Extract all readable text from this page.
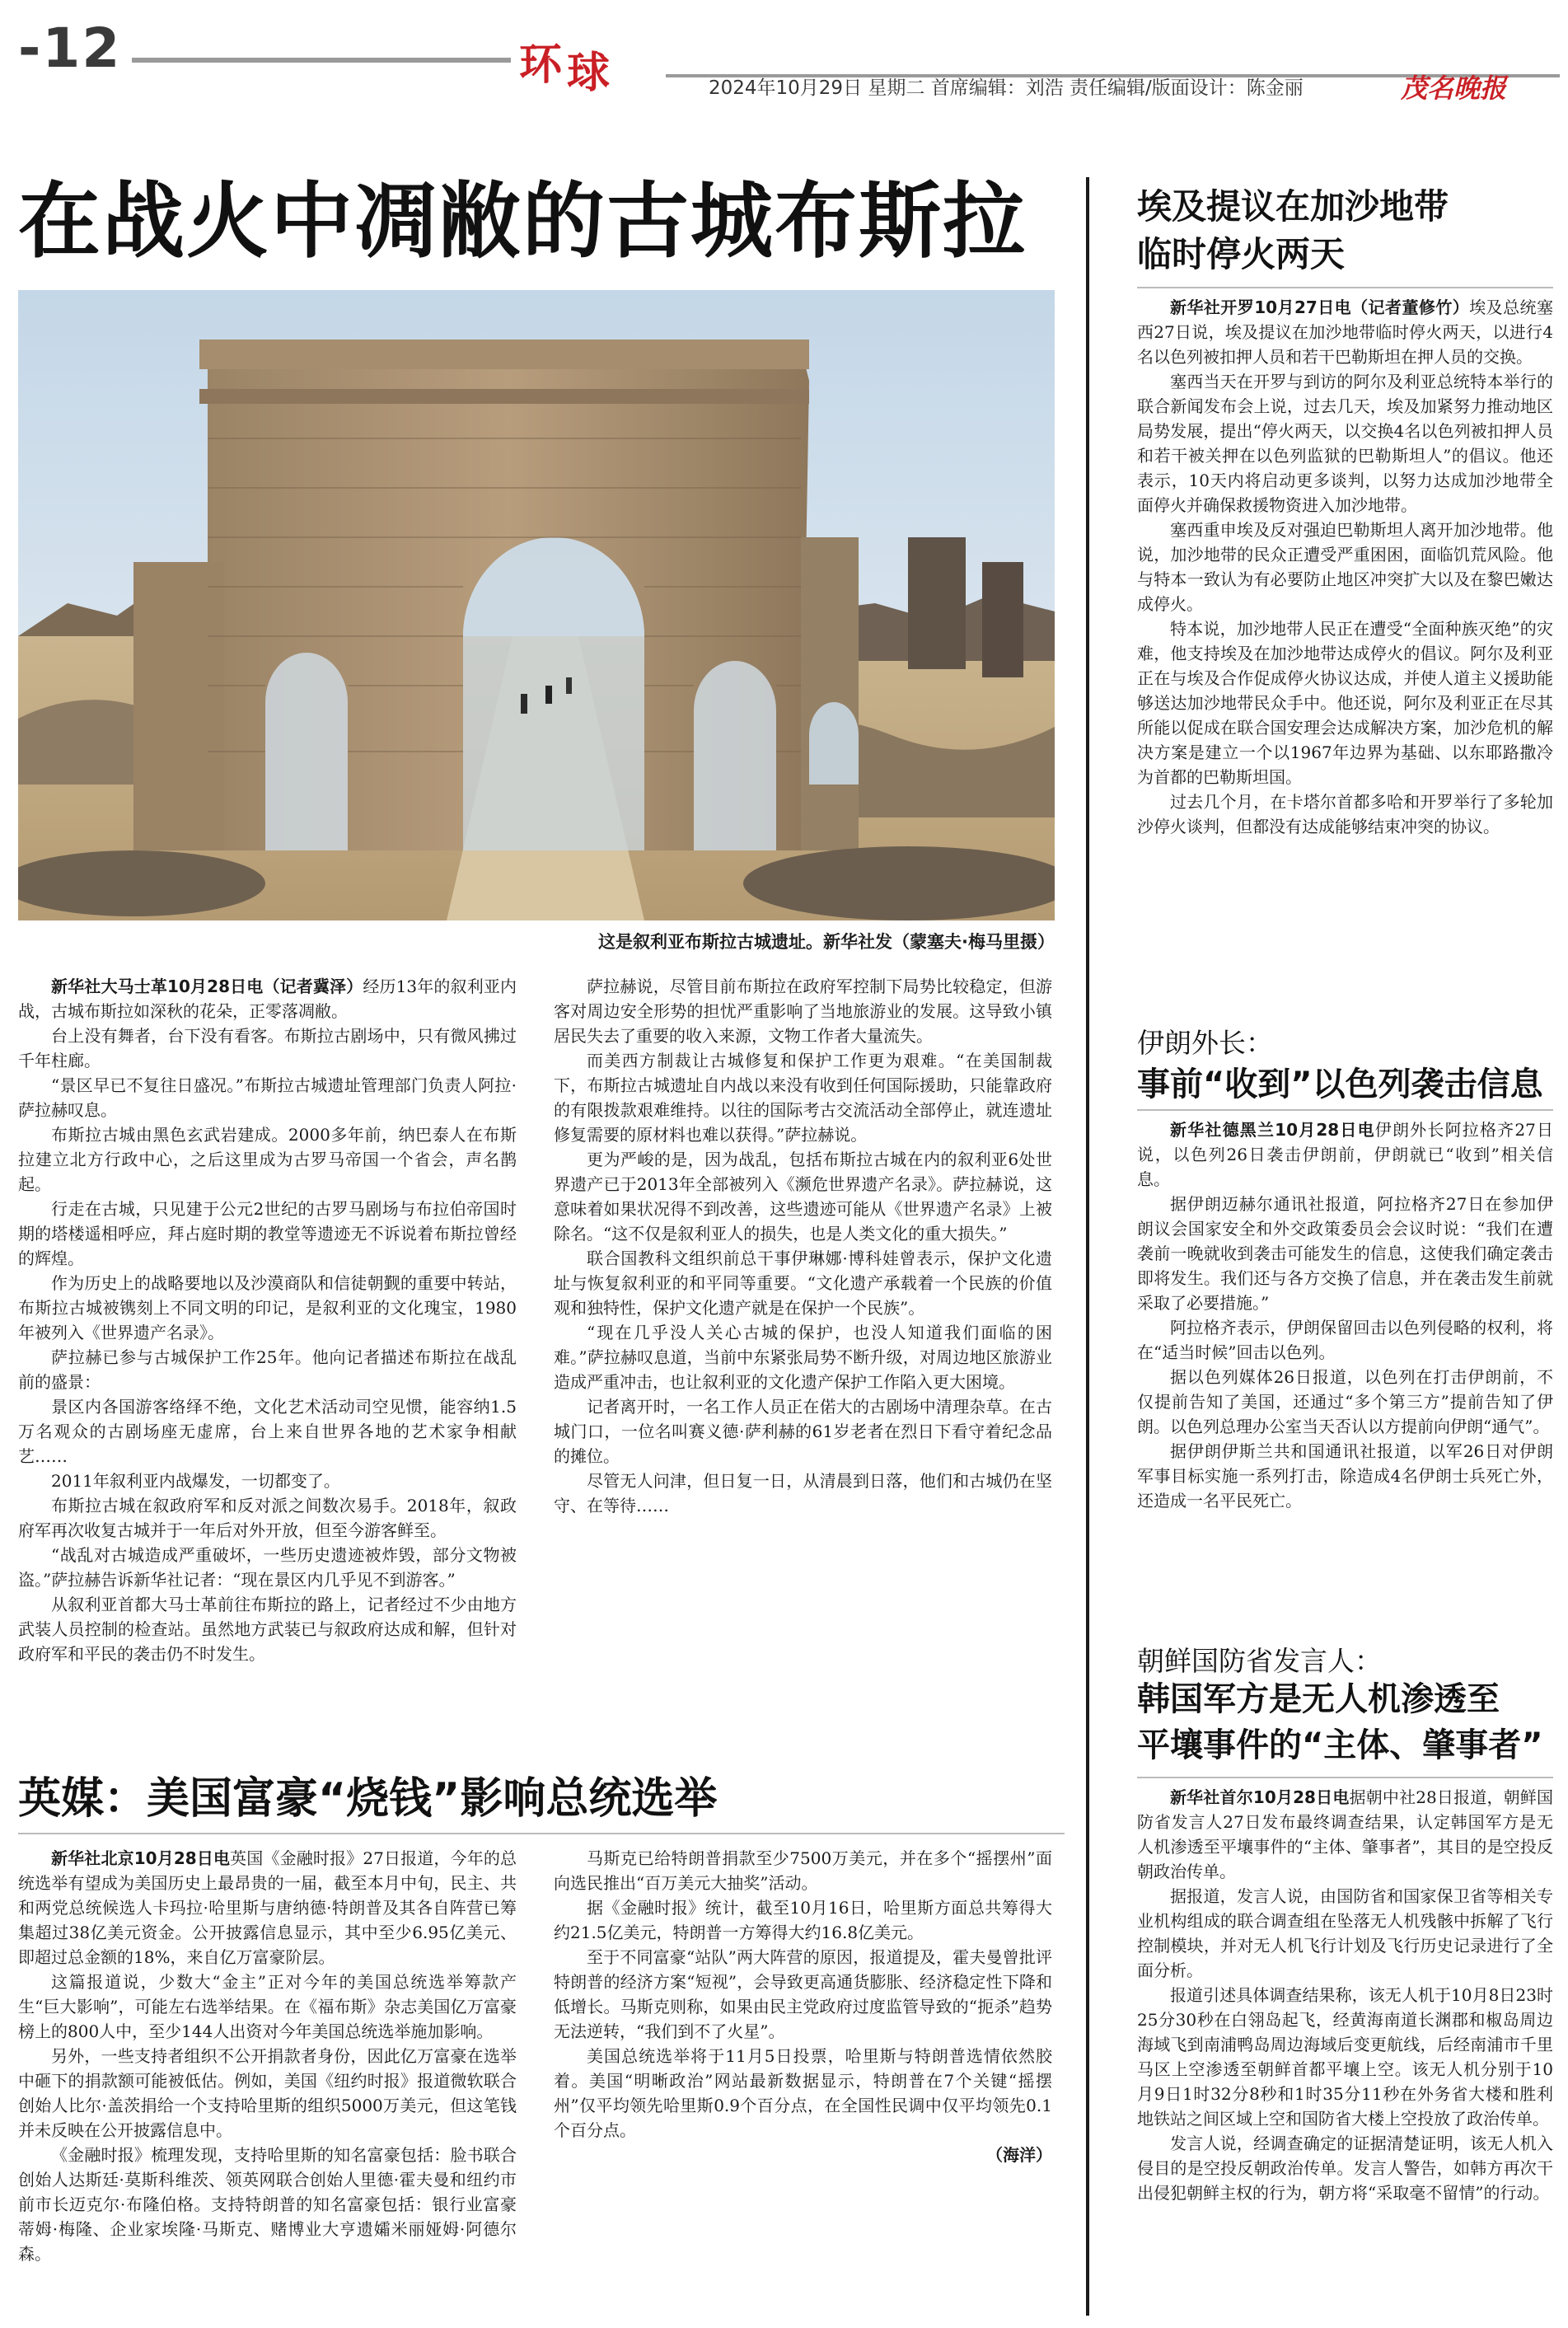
-12	环球	2024年10月29日 星期二 首席编辑：刘浩 责任编辑/版面设计：陈金丽	茂名晚报
在战火中凋敝的古城布斯拉
这是叙利亚布斯拉古城遗址。新华社发（蒙塞夫·梅马里摄）

新华社大马士革10月28日电（记者冀泽）经历13年的叙利亚内战，古城布斯拉如深秋的花朵，正零落凋敝。

台上没有舞者，台下没有看客。布斯拉古剧场中，只有微风拂过千年柱廊。

“景区早已不复往日盛况。”布斯拉古城遗址管理部门负责人阿拉·萨拉赫叹息。

布斯拉古城由黑色玄武岩建成。2000多年前，纳巴泰人在布斯拉建立北方行政中心，之后这里成为古罗马帝国一个省会，声名鹊起。

行走在古城，只见建于公元2世纪的古罗马剧场与布拉伯帝国时期的塔楼遥相呼应，拜占庭时期的教堂等遗迹无不诉说着布斯拉曾经的辉煌。

作为历史上的战略要地以及沙漠商队和信徒朝觐的重要中转站，布斯拉古城被镌刻上不同文明的印记，是叙利亚的文化瑰宝，1980年被列入《世界遗产名录》。

萨拉赫已参与古城保护工作25年。他向记者描述布斯拉在战乱前的盛景：

景区内各国游客络绎不绝，文化艺术活动司空见惯，能容纳1.5万名观众的古剧场座无虚席，台上来自世界各地的艺术家争相献艺……

2011年叙利亚内战爆发，一切都变了。

布斯拉古城在叙政府军和反对派之间数次易手。2018年，叙政府军再次收复古城并于一年后对外开放，但至今游客鲜至。

“战乱对古城造成严重破坏，一些历史遗迹被炸毁，部分文物被盗。”萨拉赫告诉新华社记者：“现在景区内几乎见不到游客。”

从叙利亚首都大马士革前往布斯拉的路上，记者经过不少由地方武装人员控制的检查站。虽然地方武装已与叙政府达成和解，但针对政府军和平民的袭击仍不时发生。

萨拉赫说，尽管目前布斯拉在政府军控制下局势比较稳定，但游客对周边安全形势的担忧严重影响了当地旅游业的发展。这导致小镇居民失去了重要的收入来源，文物工作者大量流失。

而美西方制裁让古城修复和保护工作更为艰难。“在美国制裁下，布斯拉古城遗址自内战以来没有收到任何国际援助，只能靠政府的有限拨款艰难维持。以往的国际考古交流活动全部停止，就连遗址修复需要的原材料也难以获得。”萨拉赫说。

更为严峻的是，因为战乱，包括布斯拉古城在内的叙利亚6处世界遗产已于2013年全部被列入《濒危世界遗产名录》。萨拉赫说，这意味着如果状况得不到改善，这些遗迹可能从《世界遗产名录》上被除名。“这不仅是叙利亚人的损失，也是人类文化的重大损失。”

联合国教科文组织前总干事伊琳娜·博科娃曾表示，保护文化遗址与恢复叙利亚的和平同等重要。“文化遗产承载着一个民族的价值观和独特性，保护文化遗产就是在保护一个民族”。

“现在几乎没人关心古城的保护，也没人知道我们面临的困难。”萨拉赫叹息道，当前中东紧张局势不断升级，对周边地区旅游业造成严重冲击，也让叙利亚的文化遗产保护工作陷入更大困境。

记者离开时，一名工作人员正在偌大的古剧场中清理杂草。在古城门口，一位名叫赛义德·萨利赫的61岁老者在烈日下看守着纪念品的摊位。

尽管无人问津，但日复一日，从清晨到日落，他们和古城仍在坚守、在等待……

英媒：美国富豪“烧钱”影响总统选举

新华社北京10月28日电英国《金融时报》27日报道，今年的总统选举有望成为美国历史上最昂贵的一届，截至本月中旬，民主、共和两党总统候选人卡玛拉·哈里斯与唐纳德·特朗普及其各自阵营已筹集超过38亿美元资金。公开披露信息显示，其中至少6.95亿美元、即超过总金额的18%，来自亿万富豪阶层。

这篇报道说，少数大“金主”正对今年的美国总统选举筹款产生“巨大影响”，可能左右选举结果。在《福布斯》杂志美国亿万富豪榜上的800人中，至少144人出资对今年美国总统选举施加影响。

另外，一些支持者组织不公开捐款者身份，因此亿万富豪在选举中砸下的捐款额可能被低估。例如，美国《纽约时报》报道微软联合创始人比尔·盖茨捐给一个支持哈里斯的组织5000万美元，但这笔钱并未反映在公开披露信息中。

《金融时报》梳理发现，支持哈里斯的知名富豪包括：脸书联合创始人达斯廷·莫斯科维茨、领英网联合创始人里德·霍夫曼和纽约市前市长迈克尔·布隆伯格。支持特朗普的知名富豪包括：银行业富豪蒂姆·梅隆、企业家埃隆·马斯克、赌博业大亨遗孀米丽娅姆·阿德尔森。

马斯克已给特朗普捐款至少7500万美元，并在多个“摇摆州”面向选民推出“百万美元大抽奖”活动。

据《金融时报》统计，截至10月16日，哈里斯方面总共筹得大约21.5亿美元，特朗普一方筹得大约16.8亿美元。

至于不同富豪“站队”两大阵营的原因，报道提及，霍夫曼曾批评特朗普的经济方案“短视”，会导致更高通货膨胀、经济稳定性下降和低增长。马斯克则称，如果由民主党政府过度监管导致的“扼杀”趋势无法逆转，“我们到不了火星”。

美国总统选举将于11月5日投票，哈里斯与特朗普选情依然胶着。美国“明晰政治”网站最新数据显示，特朗普在7个关键“摇摆州”仅平均领先哈里斯0.9个百分点，在全国性民调中仅平均领先0.1个百分点。

（海洋）

埃及提议在加沙地带
临时停火两天

新华社开罗10月27日电（记者董修竹）埃及总统塞西27日说，埃及提议在加沙地带临时停火两天，以进行4名以色列被扣押人员和若干巴勒斯坦在押人员的交换。

塞西当天在开罗与到访的阿尔及利亚总统特本举行的联合新闻发布会上说，过去几天，埃及加紧努力推动地区局势发展，提出“停火两天，以交换4名以色列被扣押人员和若干被关押在以色列监狱的巴勒斯坦人”的倡议。他还表示，10天内将启动更多谈判，以努力达成加沙地带全面停火并确保救援物资进入加沙地带。

塞西重申埃及反对强迫巴勒斯坦人离开加沙地带。他说，加沙地带的民众正遭受严重困困，面临饥荒风险。他与特本一致认为有必要防止地区冲突扩大以及在黎巴嫩达成停火。

特本说，加沙地带人民正在遭受“全面种族灭绝”的灾难，他支持埃及在加沙地带达成停火的倡议。阿尔及利亚正在与埃及合作促成停火协议达成，并使人道主义援助能够送达加沙地带民众手中。他还说，阿尔及利亚正在尽其所能以促成在联合国安理会达成解决方案，加沙危机的解决方案是建立一个以1967年边界为基础、以东耶路撒冷为首都的巴勒斯坦国。

过去几个月，在卡塔尔首都多哈和开罗举行了多轮加沙停火谈判，但都没有达成能够结束冲突的协议。

伊朗外长：
事前“收到”以色列袭击信息

新华社德黑兰10月28日电伊朗外长阿拉格齐27日说，以色列26日袭击伊朗前，伊朗就已“收到”相关信息。

据伊朗迈赫尔通讯社报道，阿拉格齐27日在参加伊朗议会国家安全和外交政策委员会会议时说：“我们在遭袭前一晚就收到袭击可能发生的信息，这使我们确定袭击即将发生。我们还与各方交换了信息，并在袭击发生前就采取了必要措施。”

阿拉格齐表示，伊朗保留回击以色列侵略的权利，将在“适当时候”回击以色列。

据以色列媒体26日报道，以色列在打击伊朗前，不仅提前告知了美国，还通过“多个第三方”提前告知了伊朗。以色列总理办公室当天否认以方提前向伊朗“通气”。

据伊朗伊斯兰共和国通讯社报道，以军26日对伊朗军事目标实施一系列打击，除造成4名伊朗士兵死亡外，还造成一名平民死亡。

朝鲜国防省发言人：
韩国军方是无人机渗透至
平壤事件的“主体、肇事者”

新华社首尔10月28日电据朝中社28日报道，朝鲜国防省发言人27日发布最终调查结果，认定韩国军方是无人机渗透至平壤事件的“主体、肇事者”，其目的是空投反朝政治传单。

据报道，发言人说，由国防省和国家保卫省等相关专业机构组成的联合调查组在坠落无人机残骸中拆解了飞行控制模块，并对无人机飞行计划及飞行历史记录进行了全面分析。

报道引述具体调查结果称，该无人机于10月8日23时25分30秒在白翎岛起飞，经黄海南道长渊郡和椒岛周边海域飞到南浦鸭岛周边海域后变更航线，后经南浦市千里马区上空渗透至朝鲜首都平壤上空。该无人机分别于10月9日1时32分8秒和1时35分11秒在外务省大楼和胜利地铁站之间区域上空和国防省大楼上空投放了政治传单。

发言人说，经调查确定的证据清楚证明，该无人机入侵目的是空投反朝政治传单。发言人警告，如韩方再次干出侵犯朝鲜主权的行为，朝方将“采取毫不留情”的行动。
